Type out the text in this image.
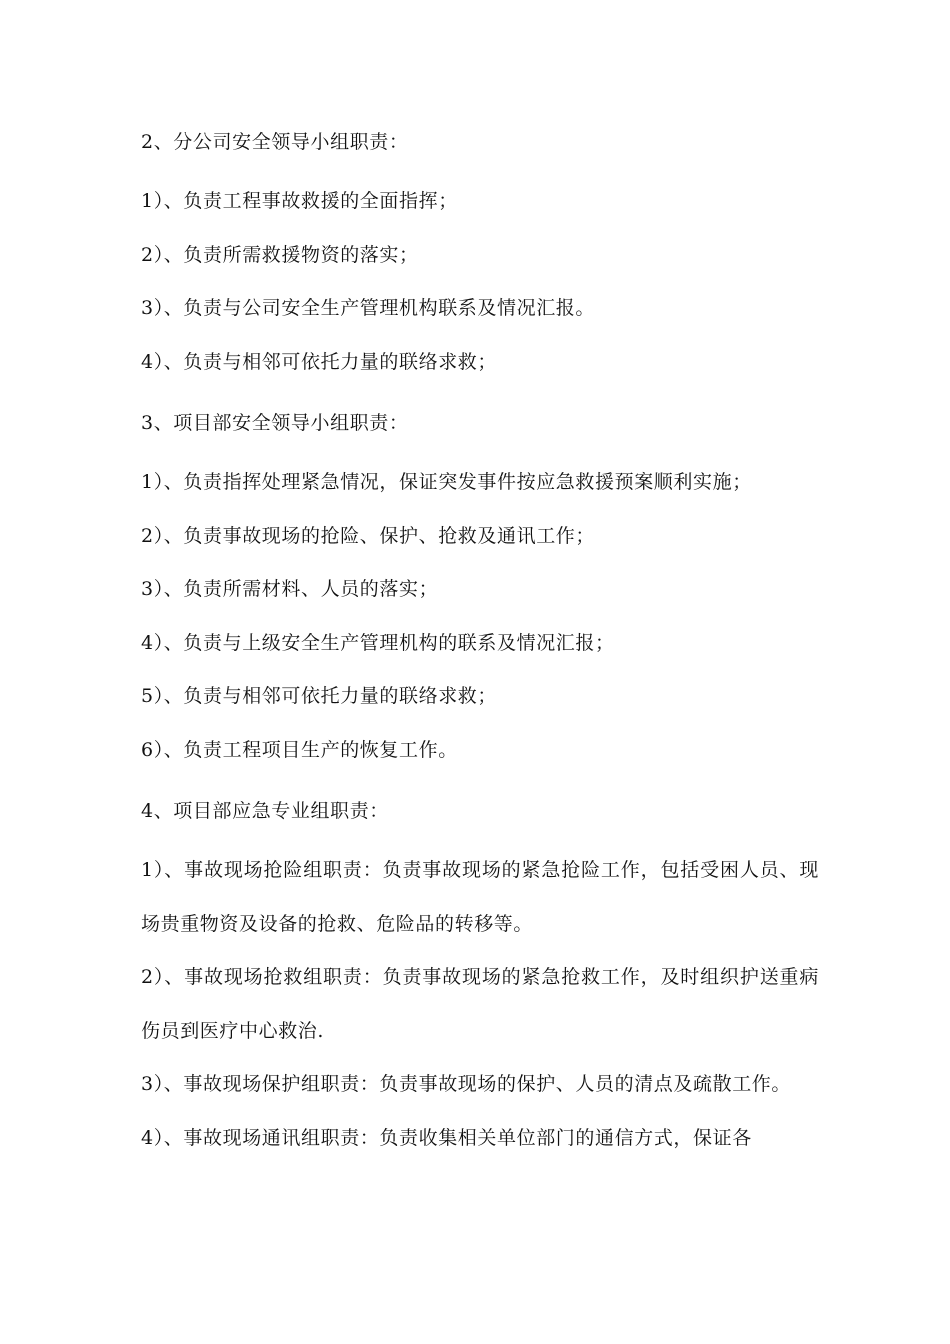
2、分公司安全领导小组职责：

1）、负责工程事故救援的全面指挥；

2）、负责所需救援物资的落实；

3）、负责与公司安全生产管理机构联系及情况汇报。

4）、负责与相邻可依托力量的联络求救；

3、项目部安全领导小组职责：

1）、负责指挥处理紧急情况，保证突发事件按应急救援预案顺利实施；

2）、负责事故现场的抢险、保护、抢救及通讯工作；

3）、负责所需材料、人员的落实；

4）、负责与上级安全生产管理机构的联系及情况汇报；

5）、负责与相邻可依托力量的联络求救；

6）、负责工程项目生产的恢复工作。

4、项目部应急专业组职责：

1）、事故现场抢险组职责：负责事故现场的紧急抢险工作，包括受困人员、现场贵重物资及设备的抢救、危险品的转移等。

2）、事故现场抢救组职责：负责事故现场的紧急抢救工作，及时组织护送重病伤员到医疗中心救治.

3）、事故现场保护组职责：负责事故现场的保护、人员的清点及疏散工作。

4）、事故现场通讯组职责：负责收集相关单位部门的通信方式，保证各
